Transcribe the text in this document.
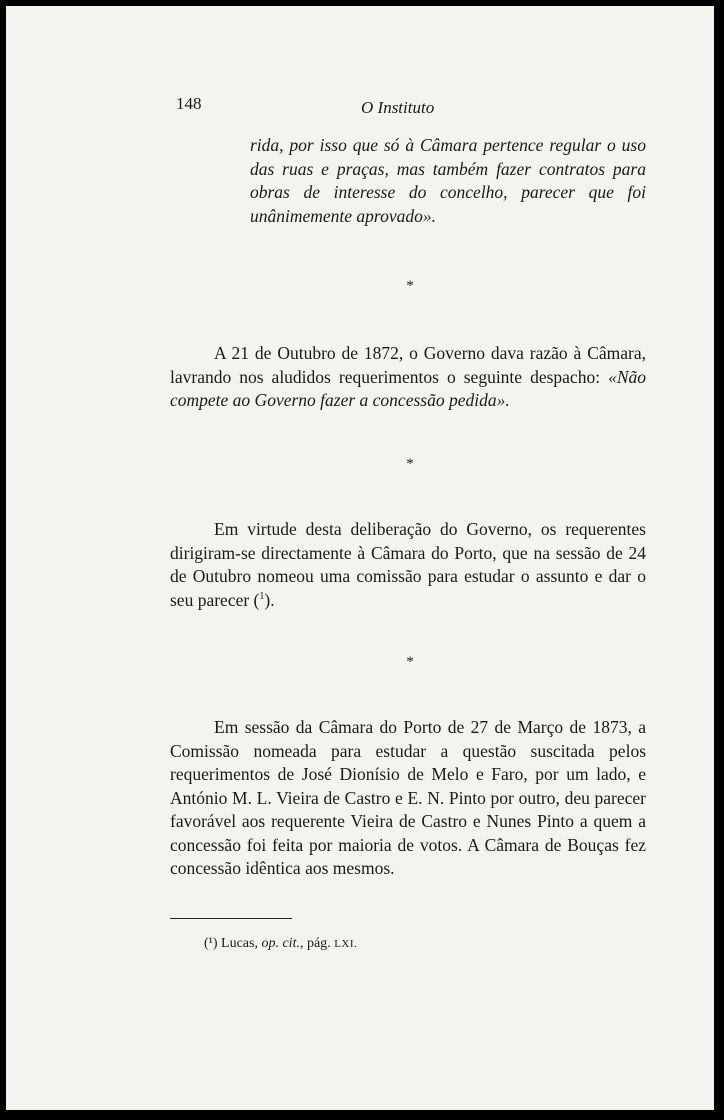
148	O Instituto

rida, por isso que só à Câmara pertence regular o uso das ruas e praças, mas também fazer contratos para obras de interesse do concelho, parecer que foi unânimemente aprovado».

*

A 21 de Outubro de 1872, o Governo dava razão à Câmara, lavrando nos aludidos requerimentos o seguinte despacho: «Não compete ao Governo fazer a concessão pedida».

*

Em virtude desta deliberação do Governo, os requerentes dirigiram-se directamente à Câmara do Porto, que na sessão de 24 de Outubro nomeou uma comissão para estudar o assunto e dar o seu parecer ($^1$).

*

Em sessão da Câmara do Porto de 27 de Março de 1873, a Comissão nomeada para estudar a questão suscitada pelos requerimentos de José Dionísio de Melo e Faro, por um lado, e António M. L. Vieira de Castro e E. N. Pinto por outro, deu parecer favorável aos requerente Vieira de Castro e Nunes Pinto a quem a concessão foi feita por maioria de votos. A Câmara de Bouças fez concessão idêntica aos mesmos.

(¹) Lucas, op. cit., pág. LXI.
